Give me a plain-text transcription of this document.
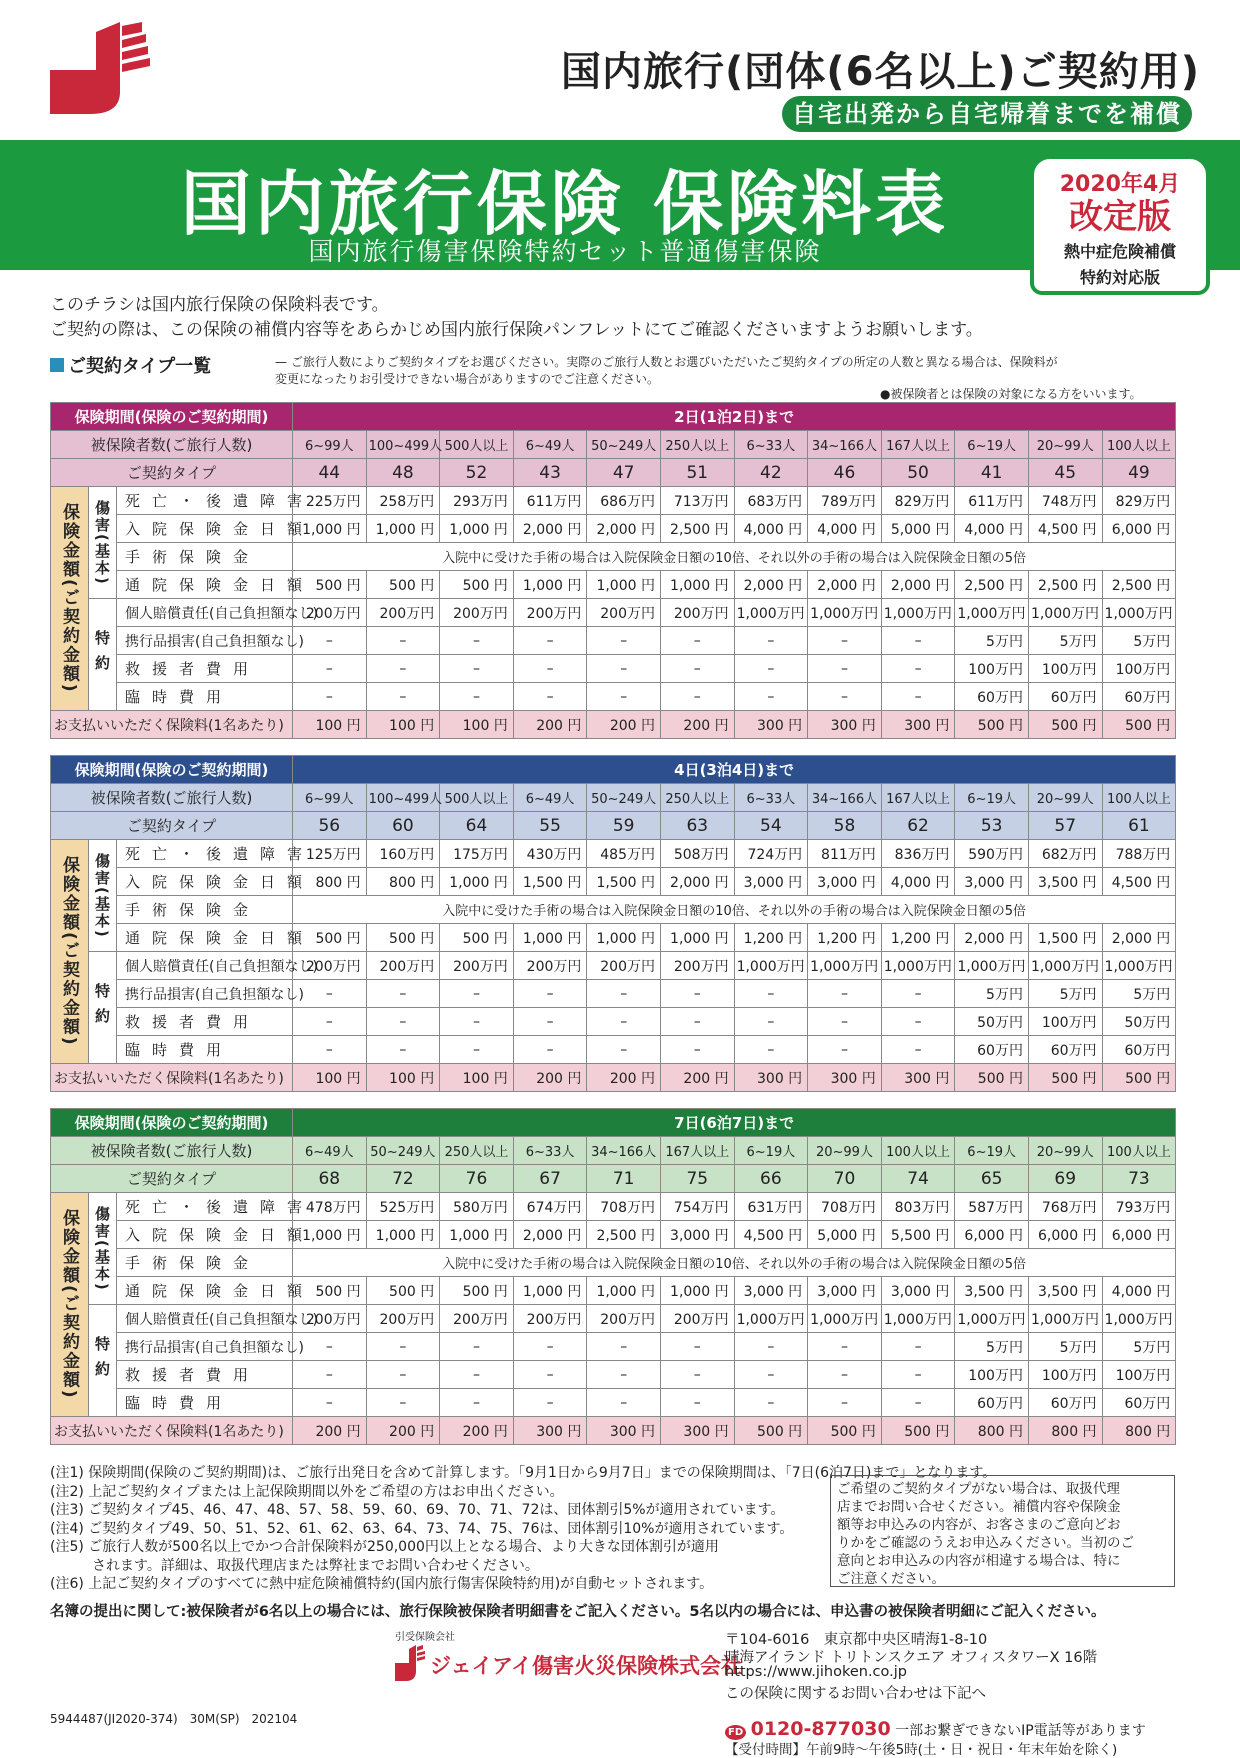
国内旅行(団体(6名以上)ご契約用)
自宅出発から自宅帰着までを補償
国内旅行保険 保険料表
国内旅行傷害保険特約セット普通傷害保険
2020年4月
改定版
熱中症危険補償
特約対応版
このチラシは国内旅行保険の保険料表です。
ご契約の際は、この保険の補償内容等をあらかじめ国内旅行保険パンフレットにてご確認くださいますようお願いします。
ご契約タイプ一覧	— ご旅行人数によりご契約タイプをお選びください。実際のご旅行人数とお選びいただいたご契約タイプの所定の人数と異なる場合は、保険料が
変更になったりお引受けできない場合がありますのでご注意ください。
●被保険者とは保険の対象になる方をいいます。
保険期間(保険のご契約期間)			2日(1泊2日)まで											
被保険者数(ご旅行人数)			6~99人	100~499人	500人以上	6~49人	50~249人	250人以上	6~33人	34~166人	167人以上	6~19人	20~99人	100人以上
ご契約タイプ			44	48	52	43	47	51	42	46	50	41	45	49
保険金額(ご契約金額)	傷害(基本)	死亡・後遺障害	225万円	258万円	293万円	611万円	686万円	713万円	683万円	789万円	829万円	611万円	748万円	829万円
		入院保険金日額	1,000 円	1,000 円	1,000 円	2,000 円	2,000 円	2,500 円	4,000 円	4,000 円	5,000 円	4,000 円	4,500 円	6,000 円
		手術保険金	入院中に受けた手術の場合は入院保険金日額の10倍、それ以外の手術の場合は入院保険金日額の5倍											
		通院保険金日額	500 円	500 円	500 円	1,000 円	1,000 円	1,000 円	2,000 円	2,000 円	2,000 円	2,500 円	2,500 円	2,500 円
	特約	個人賠償責任(自己負担額なし)	200万円	200万円	200万円	200万円	200万円	200万円	1,000万円	1,000万円	1,000万円	1,000万円	1,000万円	1,000万円
		携行品損害(自己負担額なし)	–	–	–	–	–	–	–	–	–	5万円	5万円	5万円
		救援者費用	–	–	–	–	–	–	–	–	–	100万円	100万円	100万円
		臨時費用	–	–	–	–	–	–	–	–	–	60万円	60万円	60万円
お支払いいただく保険料(1名あたり)			100 円	100 円	100 円	200 円	200 円	200 円	300 円	300 円	300 円	500 円	500 円	500 円
保険期間(保険のご契約期間)			4日(3泊4日)まで											
被保険者数(ご旅行人数)			6~99人	100~499人	500人以上	6~49人	50~249人	250人以上	6~33人	34~166人	167人以上	6~19人	20~99人	100人以上
ご契約タイプ			56	60	64	55	59	63	54	58	62	53	57	61
保険金額(ご契約金額)	傷害(基本)	死亡・後遺障害	125万円	160万円	175万円	430万円	485万円	508万円	724万円	811万円	836万円	590万円	682万円	788万円
		入院保険金日額	800 円	800 円	1,000 円	1,500 円	1,500 円	2,000 円	3,000 円	3,000 円	4,000 円	3,000 円	3,500 円	4,500 円
		手術保険金	入院中に受けた手術の場合は入院保険金日額の10倍、それ以外の手術の場合は入院保険金日額の5倍											
		通院保険金日額	500 円	500 円	500 円	1,000 円	1,000 円	1,000 円	1,200 円	1,200 円	1,200 円	2,000 円	1,500 円	2,000 円
	特約	個人賠償責任(自己負担額なし)	200万円	200万円	200万円	200万円	200万円	200万円	1,000万円	1,000万円	1,000万円	1,000万円	1,000万円	1,000万円
		携行品損害(自己負担額なし)	–	–	–	–	–	–	–	–	–	5万円	5万円	5万円
		救援者費用	–	–	–	–	–	–	–	–	–	50万円	100万円	50万円
		臨時費用	–	–	–	–	–	–	–	–	–	60万円	60万円	60万円
お支払いいただく保険料(1名あたり)			100 円	100 円	100 円	200 円	200 円	200 円	300 円	300 円	300 円	500 円	500 円	500 円
保険期間(保険のご契約期間)			7日(6泊7日)まで											
被保険者数(ご旅行人数)			6~49人	50~249人	250人以上	6~33人	34~166人	167人以上	6~19人	20~99人	100人以上	6~19人	20~99人	100人以上
ご契約タイプ			68	72	76	67	71	75	66	70	74	65	69	73
保険金額(ご契約金額)	傷害(基本)	死亡・後遺障害	478万円	525万円	580万円	674万円	708万円	754万円	631万円	708万円	803万円	587万円	768万円	793万円
		入院保険金日額	1,000 円	1,000 円	1,000 円	2,000 円	2,500 円	3,000 円	4,500 円	5,000 円	5,500 円	6,000 円	6,000 円	6,000 円
		手術保険金	入院中に受けた手術の場合は入院保険金日額の10倍、それ以外の手術の場合は入院保険金日額の5倍											
		通院保険金日額	500 円	500 円	500 円	1,000 円	1,000 円	1,000 円	3,000 円	3,000 円	3,000 円	3,500 円	3,500 円	4,000 円
	特約	個人賠償責任(自己負担額なし)	200万円	200万円	200万円	200万円	200万円	200万円	1,000万円	1,000万円	1,000万円	1,000万円	1,000万円	1,000万円
		携行品損害(自己負担額なし)	–	–	–	–	–	–	–	–	–	5万円	5万円	5万円
		救援者費用	–	–	–	–	–	–	–	–	–	100万円	100万円	100万円
		臨時費用	–	–	–	–	–	–	–	–	–	60万円	60万円	60万円
お支払いいただく保険料(1名あたり)			200 円	200 円	200 円	300 円	300 円	300 円	500 円	500 円	500 円	800 円	800 円	800 円
(注1) 保険期間(保険のご契約期間)は、ご旅行出発日を含めて計算します。「9月1日から9月7日」までの保険期間は、「7日(6泊7日)まで」となります。
(注2) 上記ご契約タイプまたは上記保険期間以外をご希望の方はお申出ください。
(注3) ご契約タイプ45、46、47、48、57、58、59、60、69、70、71、72は、団体割引5%が適用されています。
(注4) ご契約タイプ49、50、51、52、61、62、63、64、73、74、75、76は、団体割引10%が適用されています。
(注5) ご旅行人数が500名以上でかつ合計保険料が250,000円以上となる場合、より大きな団体割引が適用
　　　されます。詳細は、取扱代理店または弊社までお問い合わせください。
(注6) 上記ご契約タイプのすべてに熱中症危険補償特約(国内旅行傷害保険特約用)が自動セットされます。
ご希望のご契約タイプがない場合は、取扱代理
店までお問い合せください。補償内容や保険金
額等お申込みの内容が、お客さまのご意向どお
りかをご確認のうえお申込みください。当初のご
意向とお申込みの内容が相違する場合は、特に
ご注意ください。
名簿の提出に関して:被保険者が6名以上の場合には、旅行保険被保険者明細書をご記入ください。5名以内の場合には、申込書の被保険者明細にご記入ください。
引受保険会社
ジェイアイ傷害火災保険株式会社
〒104-6016　東京都中央区晴海1-8-10
晴海アイランド トリトンスクエア オフィスタワーX 16階
https://www.jihoken.co.jp
この保険に関するお問い合わせは下記へ
FD 0120-877030 一部お繋ぎできないIP電話等があります
【受付時間】午前9時～午後5時(土・日・祝日・年末年始を除く)
5944487(JI2020-374)　30M(SP)　202104
